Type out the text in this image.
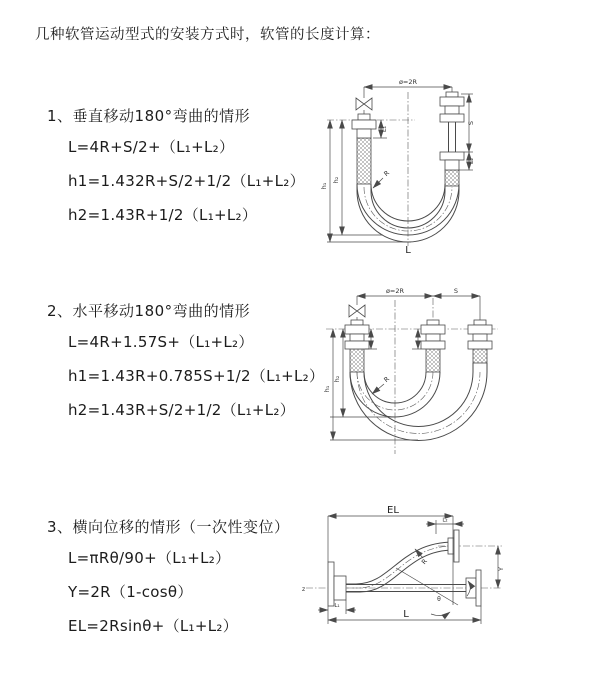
几种软管运动型式的安装方式时，软管的长度计算：
1、垂直移动180°弯曲的情形
L=4R+S/2+（L₁+L₂）
h1=1.432R+S/2+1/2（L₁+L₂）
h2=1.43R+1/2（L₁+L₂）
2、水平移动180°弯曲的情形
L=4R+1.57S+（L₁+L₂）
h1=1.43R+0.785S+1/2（L₁+L₂）
h2=1.43R+S/2+1/2（L₁+L₂）
3、横向位移的情形（一次性变位）
L=πRθ/90+（L₁+L₂）
Y=2R（1-cosθ）
EL=2Rsinθ+（L₁+L₂）
ø=2R
h₁
h₂
L₁
S
L₂
R
L
ø=2R	S
h₁
h₂	R
EL
L₂
L
L₁
Y
θ
R
z
